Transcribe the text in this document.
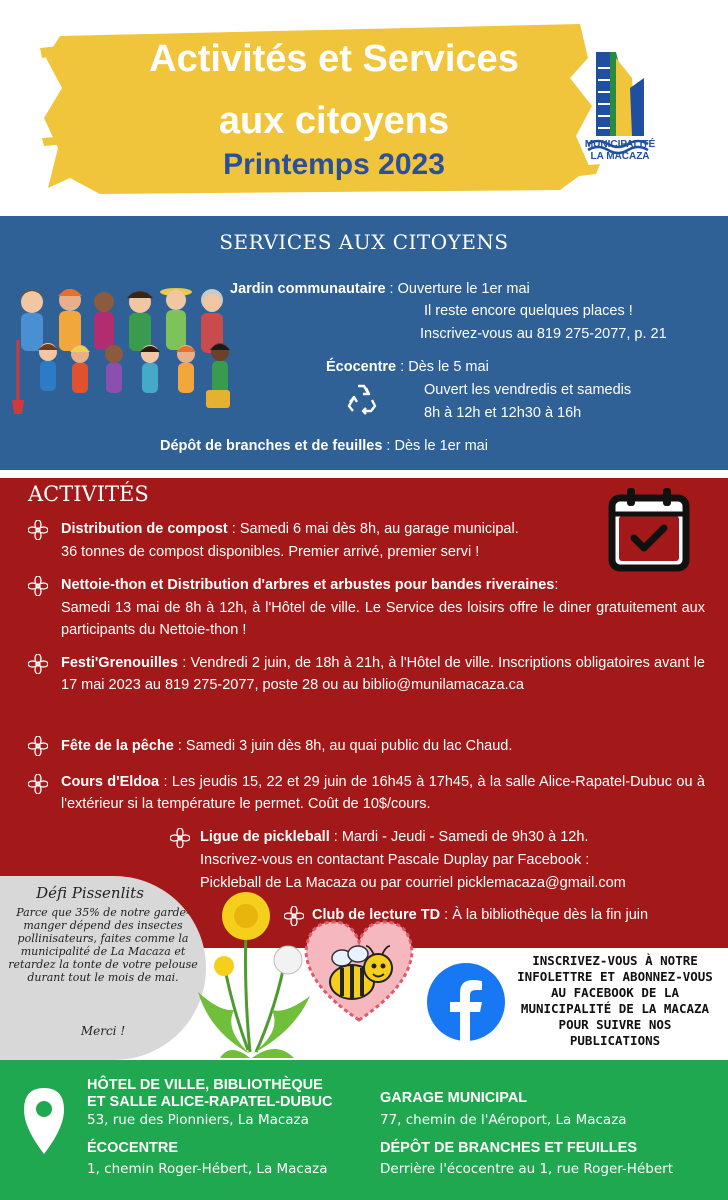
Activités et Services
aux citoyens
Printemps 2023
MUNICIPALITÉ
LA MACAZA
SERVICES AUX CITOYENS
Jardin communautaire : Ouverture le 1er mai
Il reste encore quelques places !
Inscrivez-vous au 819 275-2077, p. 21
Écocentre : Dès le 5 mai
Ouvert les vendredis et samedis
8h à 12h et 12h30 à 16h
Dépôt de branches et de feuilles : Dès le 1er mai
ACTIVITÉS
Distribution de compost : Samedi 6 mai dès 8h, au garage municipal.
36 tonnes de compost disponibles. Premier arrivé, premier servi !
Nettoie-thon et Distribution d'arbres et arbustes pour bandes riveraines:
Samedi 13 mai de 8h à 12h, à l'Hôtel de ville. Le Service des loisirs offre le diner gratuitement aux participants du Nettoie-thon !
Festi'Grenouilles : Vendredi 2 juin, de 18h à 21h, à l'Hôtel de ville. Inscriptions obligatoires avant le 17 mai 2023 au 819 275-2077, poste 28 ou au biblio@munilamacaza.ca
Fête de la pêche : Samedi 3 juin dès 8h, au quai public du lac Chaud.
Cours d'Eldoa : Les jeudis 15, 22 et 29 juin de 16h45 à 17h45, à la salle Alice-Rapatel-Dubuc ou à l'extérieur si la température le permet. Coût de 10$/cours.
Ligue de pickleball : Mardi - Jeudi - Samedi de 9h30 à 12h.
Inscrivez-vous en contactant Pascale Duplay par Facebook :
Pickleball de La Macaza ou par courriel picklemacaza@gmail.com
Club de lecture TD : À la bibliothèque dès la fin juin
Défi Pissenlits
Parce que 35% de notre garde-manger dépend des insectes pollinisateurs, faites comme la municipalité de La Macaza et retardez la tonte de votre pelouse durant tout le mois de mai.
Merci !
INSCRIVEZ-VOUS À NOTRE INFOLETTRE ET ABONNEZ-VOUS AU FACEBOOK DE LA MUNICIPALITÉ DE LA MACAZA POUR SUIVRE NOS PUBLICATIONS
HÔTEL DE VILLE, BIBLIOTHÈQUE
ET SALLE ALICE-RAPATEL-DUBUC
53, rue des Pionniers, La Macaza
ÉCOCENTRE
1, chemin Roger-Hébert, La Macaza
GARAGE MUNICIPAL
77, chemin de l'Aéroport, La Macaza
DÉPÔT DE BRANCHES ET FEUILLES
Derrière l'écocentre au 1, rue Roger-Hébert
